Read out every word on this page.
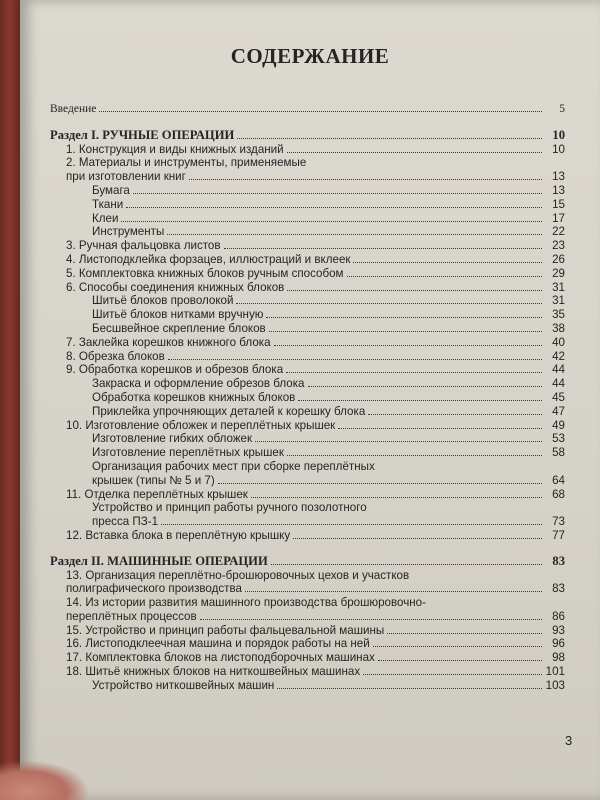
СОДЕРЖАНИЕ
Введение	5
Раздел I. РУЧНЫЕ ОПЕРАЦИИ	10
1. Конструкция и виды книжных изданий	10
2. Материалы и инструменты, применяемые
при изготовлении книг	13
Бумага	13
Ткани	15
Клеи	17
Инструменты	22
3. Ручная фальцовка листов	23
4. Листоподклейка форзацев, иллюстраций и вклеек	26
5. Комплектовка книжных блоков ручным способом	29
6. Способы соединения книжных блоков	31
Шитьё блоков проволокой	31
Шитьё блоков нитками вручную	35
Бесшвейное скрепление блоков	38
7. Заклейка корешков книжного блока	40
8. Обрезка блоков	42
9. Обработка корешков и обрезов блока	44
Закраска и оформление обрезов блока	44
Обработка корешков книжных блоков	45
Приклейка упрочняющих деталей к корешку блока	47
10. Изготовление обложек и переплётных крышек	49
Изготовление гибких обложек	53
Изготовление переплётных крышек	58
Организация рабочих мест при сборке переплётных
крышек (типы № 5 и 7)	64
11. Отделка переплётных крышек	68
Устройство и принцип работы ручного позолотного
пресса ПЗ-1	73
12. Вставка блока в переплётную крышку	77
Раздел II. МАШИННЫЕ ОПЕРАЦИИ	83
13. Организация переплётно-брошюровочных цехов и участков
полиграфического производства	83
14. Из истории развития машинного производства брошюровочно-
переплётных процессов	86
15. Устройство и принцип работы фальцевальной машины	93
16. Листоподклеечная машина и порядок работы на ней	96
17. Комплектовка блоков на листоподборочных машинах	98
18. Шитьё книжных блоков на ниткошвейных машинах	101
Устройство ниткошвейных машин	103
3
